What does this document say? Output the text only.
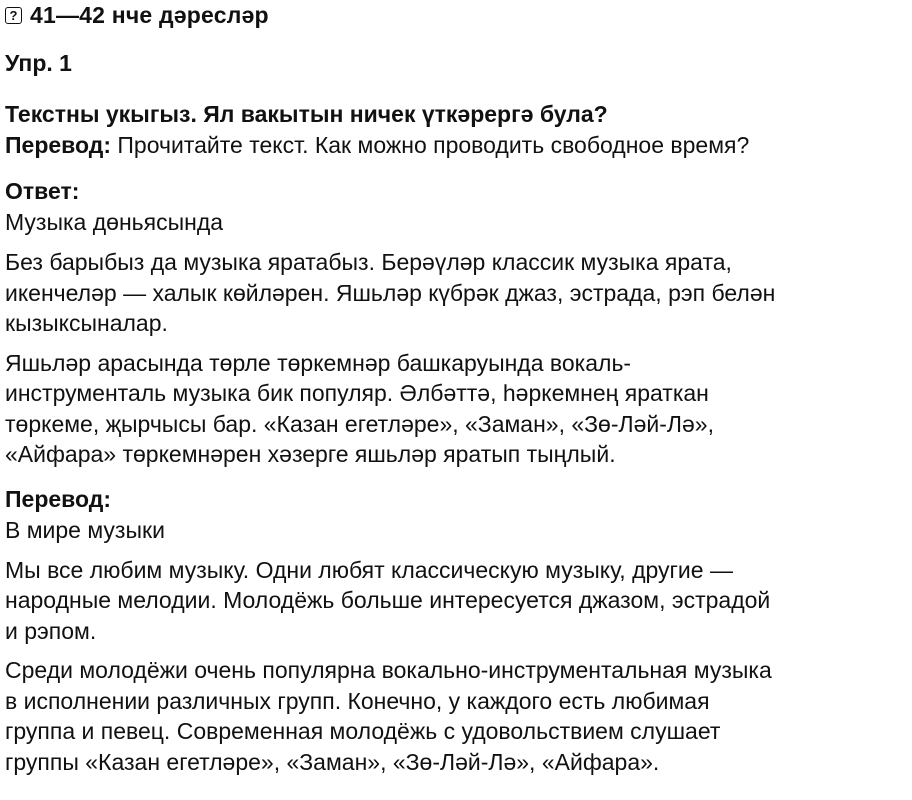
? 41—42 нче дәресләр
Упр. 1
Текстны укыгыз. Ял вакытын ничек үткәрергә була?
Перевод: Прочитайте текст. Как можно проводить свободное время?
Ответ:
Музыка дөньясында
Без барыбыз да музыка яратабыз. Берәүләр классик музыка ярата,
икенчеләр — халык көйләрен. Яшьләр күбрәк джаз, эстрада, рэп белән
кызыксыналар.
Яшьләр арасында төрле төркемнәр башкаруында вокаль-
инструменталь музыка бик популяр. Әлбәттә, һәркемнең яраткан
төркеме, җырчысы бар. «Казан егетләре», «Заман», «Зө-Ләй-Лә»,
«Айфара» төркемнәрен хәзерге яшьләр яратып тыңлый.
Перевод:
В мире музыки
Мы все любим музыку. Одни любят классическую музыку, другие —
народные мелодии. Молодёжь больше интересуется джазом, эстрадой
и рэпом.
Среди молодёжи очень популярна вокально-инструментальная музыка
в исполнении различных групп. Конечно, у каждого есть любимая
группа и певец. Современная молодёжь с удовольствием слушает
группы «Казан егетләре», «Заман», «Зө-Ләй-Лә», «Айфара».
